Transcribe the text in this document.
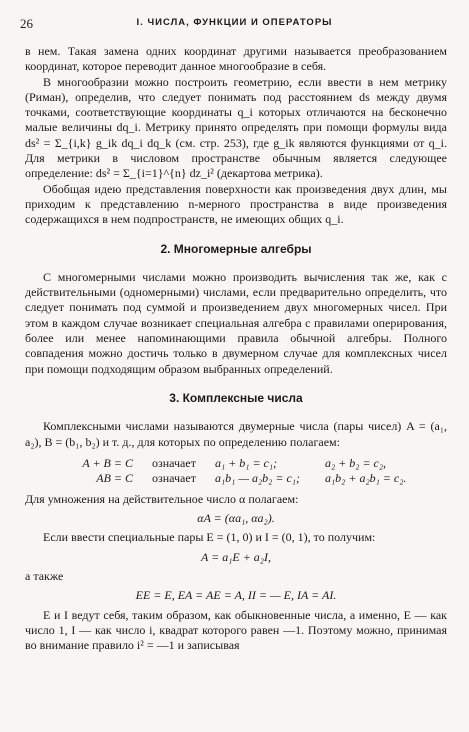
26	I. ЧИСЛА, ФУНКЦИИ И ОПЕРАТОРЫ

в нем. Такая замена одних координат другими называется преобразованием координат, которое переводит данное многообразие в себя.

В многообразии можно построить геометрию, если ввести в нем метрику (Риман), определив, что следует понимать под расстоянием ds между двумя точками, соответствующие координаты q_i которых отличаются на бесконечно малые величины dq_i. Метрику принято определять при помощи формулы вида ds² = Σ_{i,k} g_ik dq_i dq_k (см. стр. 253), где g_ik являются функциями от q_i. Для метрики в числовом пространстве обычным является следующее определение: ds² = Σ_{i=1}^{n} dz_i² (декартова метрика).

Обобщая идею представления поверхности как произведения двух длин, мы приходим к представлению n-мерного пространства в виде произведения содержащихся в нем подпространств, не имеющих общих q_i.

2. Многомерные алгебры

С многомерными числами можно производить вычисления так же, как с действительными (одномерными) числами, если предварительно определить, что следует понимать под суммой и произведением двух многомерных чисел. При этом в каждом случае возникает специальная алгебра с правилами оперирования, более или менее напоминающими правила обычной алгебры. Полного совпадения можно достичь только в двумерном случае для комплексных чисел при помощи подходящим образом выбранных определений.

3. Комплексные числа

Комплексными числами называются двумерные числа (пары чисел) A = (a₁, a₂), B = (b₁, b₂) и т. д., для которых по определению полагаем:

A + B = C	означает	a₁ + b₁ = c₁;	a₂ + b₂ = c₂,
AB = C	означает	a₁b₁ — a₂b₂ = c₁;	a₁b₂ + a₂b₁ = c₂.

Для умножения на действительное число α полагаем:

αA = (αa₁, αa₂).

Если ввести специальные пары E = (1, 0) и I = (0, 1), то получим:

A = a₁E + a₂I,

а также

EE = E, EA = AE = A, II = — E, IA = AI.

E и I ведут себя, таким образом, как обыкновенные числа, а именно, E — как число 1, I — как число i, квадрат которого равен —1. Поэтому можно, принимая во внимание правило i² = —1 и записывая
